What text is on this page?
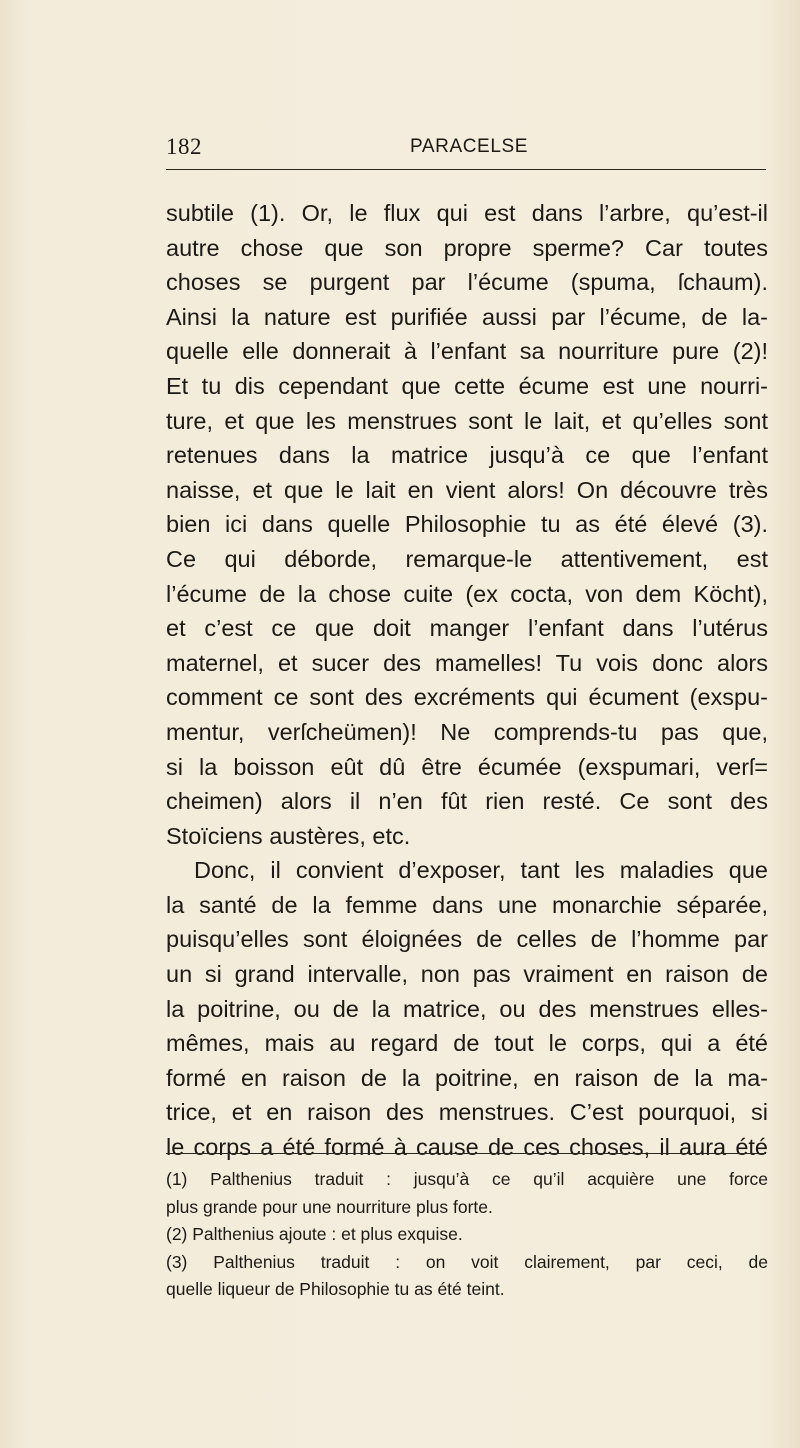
182	PARACELSE
subtile (1). Or, le flux qui est dans l’arbre, qu’est-il
autre chose que son propre sperme? Car toutes
choses se purgent par l’écume (spuma, ſchaum).
Ainsi la nature est purifiée aussi par l’écume, de la-
quelle elle donnerait à l’enfant sa nourriture pure (2)!
Et tu dis cependant que cette écume est une nourri-
ture, et que les menstrues sont le lait, et qu’elles sont
retenues dans la matrice jusqu’à ce que l’enfant
naisse, et que le lait en vient alors! On découvre très
bien ici dans quelle Philosophie tu as été élevé (3).
Ce qui déborde, remarque-le attentivement, est
l’écume de la chose cuite (ex cocta, von dem Köcht),
et c’est ce que doit manger l’enfant dans l’utérus
maternel, et sucer des mamelles! Tu vois donc alors
comment ce sont des excréments qui écument (exspu-
mentur, verſcheümen)! Ne comprends-tu pas que,
si la boisson eût dû être écumée (exspumari, verſ=
cheimen) alors il n’en fût rien resté. Ce sont des
Stoïciens austères, etc.
Donc, il convient d’exposer, tant les maladies que
la santé de la femme dans une monarchie séparée,
puisqu’elles sont éloignées de celles de l’homme par
un si grand intervalle, non pas vraiment en raison de
la poitrine, ou de la matrice, ou des menstrues elles-
mêmes, mais au regard de tout le corps, qui a été
formé en raison de la poitrine, en raison de la ma-
trice, et en raison des menstrues. C’est pourquoi, si
le corps a été formé à cause de ces choses, il aura été
(1) Palthenius traduit : jusqu’à ce qu’il acquière une force
plus grande pour une nourriture plus forte.
(2) Palthenius ajoute : et plus exquise.
(3) Palthenius traduit : on voit clairement, par ceci, de
quelle liqueur de Philosophie tu as été teint.
